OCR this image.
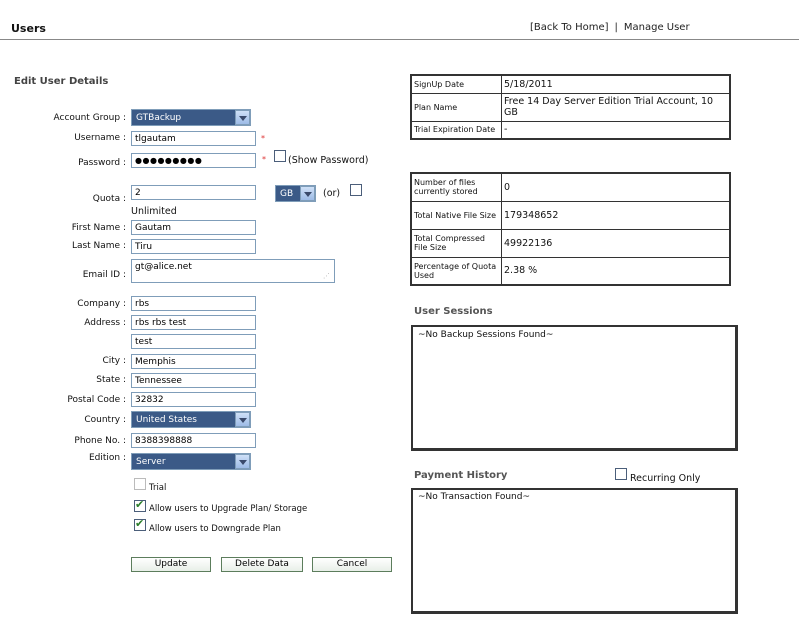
Users	[Back To Home] | Manage User
Edit User Details
Account Group :	GTBackup
Username :	tlgautam	*
Password :	●●●●●●●●●	* (Show Password)
Quota :
2	GB	(or)
Unlimited
First Name :	Gautam
Last Name :	Tiru
Email ID :
gt@alice.net
⋰
Company :	rbs
Address :	rbs rbs test
test
City :	Memphis
State :	Tennessee
Postal Code :	32832
Country :	United States
Phone No. :	8388398888
Edition :	Server
Trial
✔
Allow users to Upgrade Plan/ Storage
✔
Allow users to Downgrade Plan
Update	Delete Data	Cancel
SignUp Date	5/18/2011
Plan Name	Free 14 Day Server Edition Trial Account, 10 GB
Trial Expiration Date	-
Number of files currently stored	0
Total Native File Size	179348652
Total Compressed File Size	49922136
Percentage of Quota Used	2.38 %
User Sessions
~No Backup Sessions Found~
Payment History	Recurring Only
~No Transaction Found~
